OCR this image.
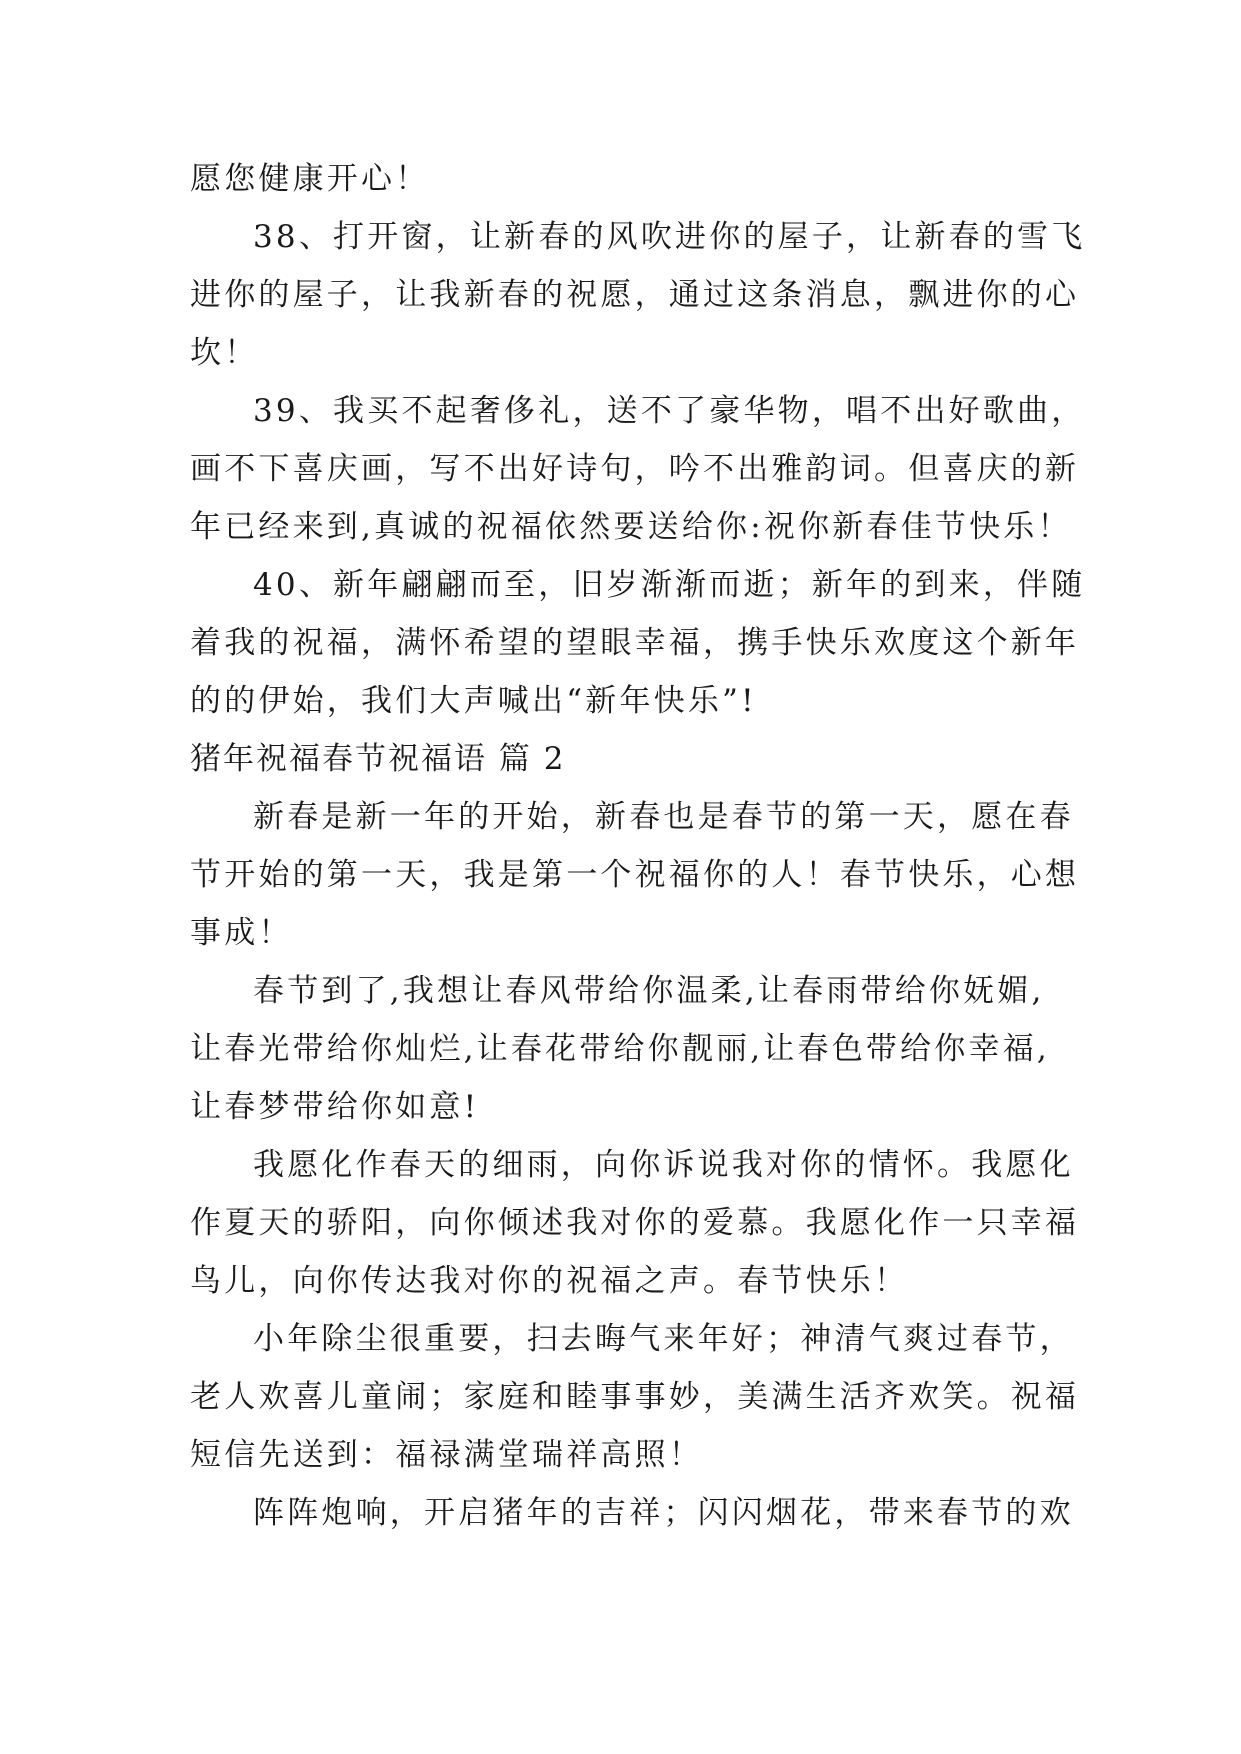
愿您健康开心！

38、打开窗，让新春的风吹进你的屋子，让新春的雪飞

进你的屋子，让我新春的祝愿，通过这条消息，飘进你的心

坎！

39、我买不起奢侈礼，送不了豪华物，唱不出好歌曲，

画不下喜庆画，写不出好诗句，吟不出雅韵词。但喜庆的新

年已经来到,真诚的祝福依然要送给你:祝你新春佳节快乐！

40、新年翩翩而至，旧岁渐渐而逝；新年的到来，伴随

着我的祝福，满怀希望的望眼幸福，携手快乐欢度这个新年

的的伊始，我们大声喊出“新年快乐”!

猪年祝福春节祝福语 篇 2

新春是新一年的开始，新春也是春节的第一天，愿在春

节开始的第一天，我是第一个祝福你的人！春节快乐，心想

事成！

春节到了,我想让春风带给你温柔,让春雨带给你妩媚,

让春光带给你灿烂,让春花带给你靓丽,让春色带给你幸福,

让春梦带给你如意!

我愿化作春天的细雨，向你诉说我对你的情怀。我愿化

作夏天的骄阳，向你倾述我对你的爱慕。我愿化作一只幸福

鸟儿，向你传达我对你的祝福之声。春节快乐！

小年除尘很重要，扫去晦气来年好；神清气爽过春节，

老人欢喜儿童闹；家庭和睦事事妙，美满生活齐欢笑。祝福

短信先送到：福禄满堂瑞祥高照！

阵阵炮响，开启猪年的吉祥；闪闪烟花，带来春节的欢
